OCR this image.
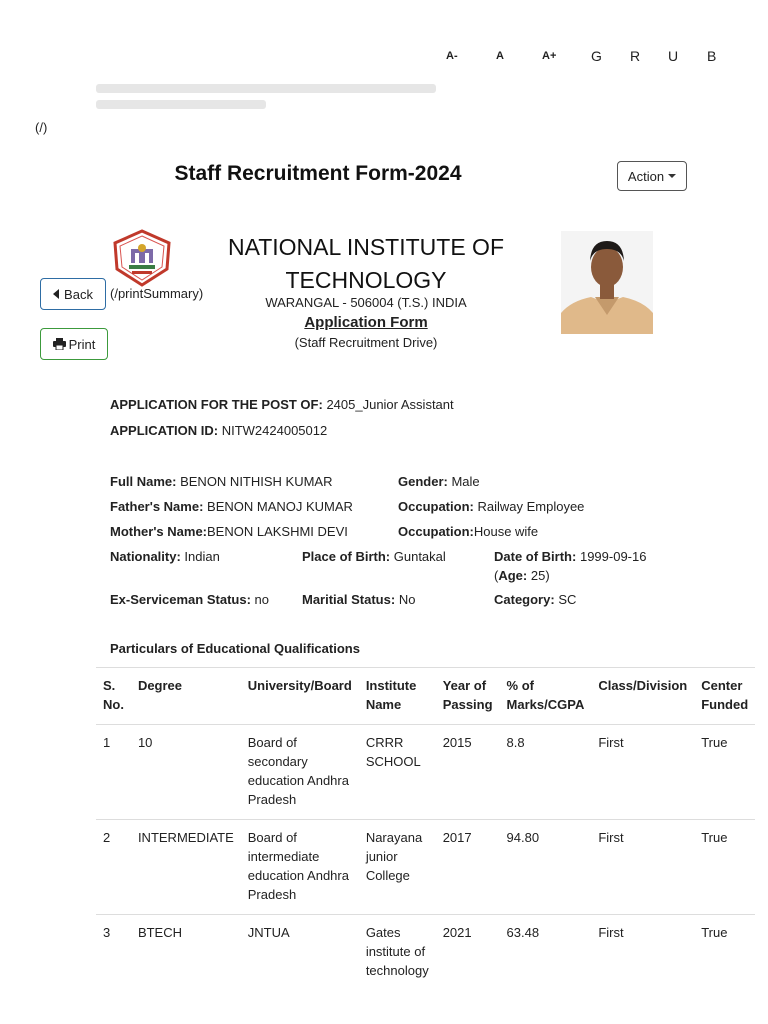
A-	A	A+ G R U B
(/)
Staff Recruitment Form-2024	Action
Back (/printSummary)
Print
NATIONAL INSTITUTE OF TECHNOLOGY
WARANGAL - 506004 (T.S.) INDIA
Application Form
(Staff Recruitment Drive)
APPLICATION FOR THE POST OF: 2405_Junior Assistant
APPLICATION ID: NITW2424005012
Full Name: BENON NITHISH KUMAR	Gender: Male
Father's Name: BENON MANOJ KUMAR	Occupation: Railway Employee
Mother's Name:BENON LAKSHMI DEVI	Occupation:House wife
Nationality: Indian	Place of Birth: Guntakal	Date of Birth: 1999-09-16
(Age: 25)
Ex-Serviceman Status: no	Maritial Status: No	Category: SC
Particulars of Educational Qualifications
S. No.	Degree	University/Board	Institute Name	Year of Passing	% of Marks/CGPA	Class/Division	Center Funded
1	10	Board of secondary education Andhra Pradesh	CRRR SCHOOL	2015	8.8	First	True
2	INTERMEDIATE	Board of intermediate education Andhra Pradesh	Narayana junior College	2017	94.80	First	True
3	BTECH	JNTUA	Gates institute of technology	2021	63.48	First	True
